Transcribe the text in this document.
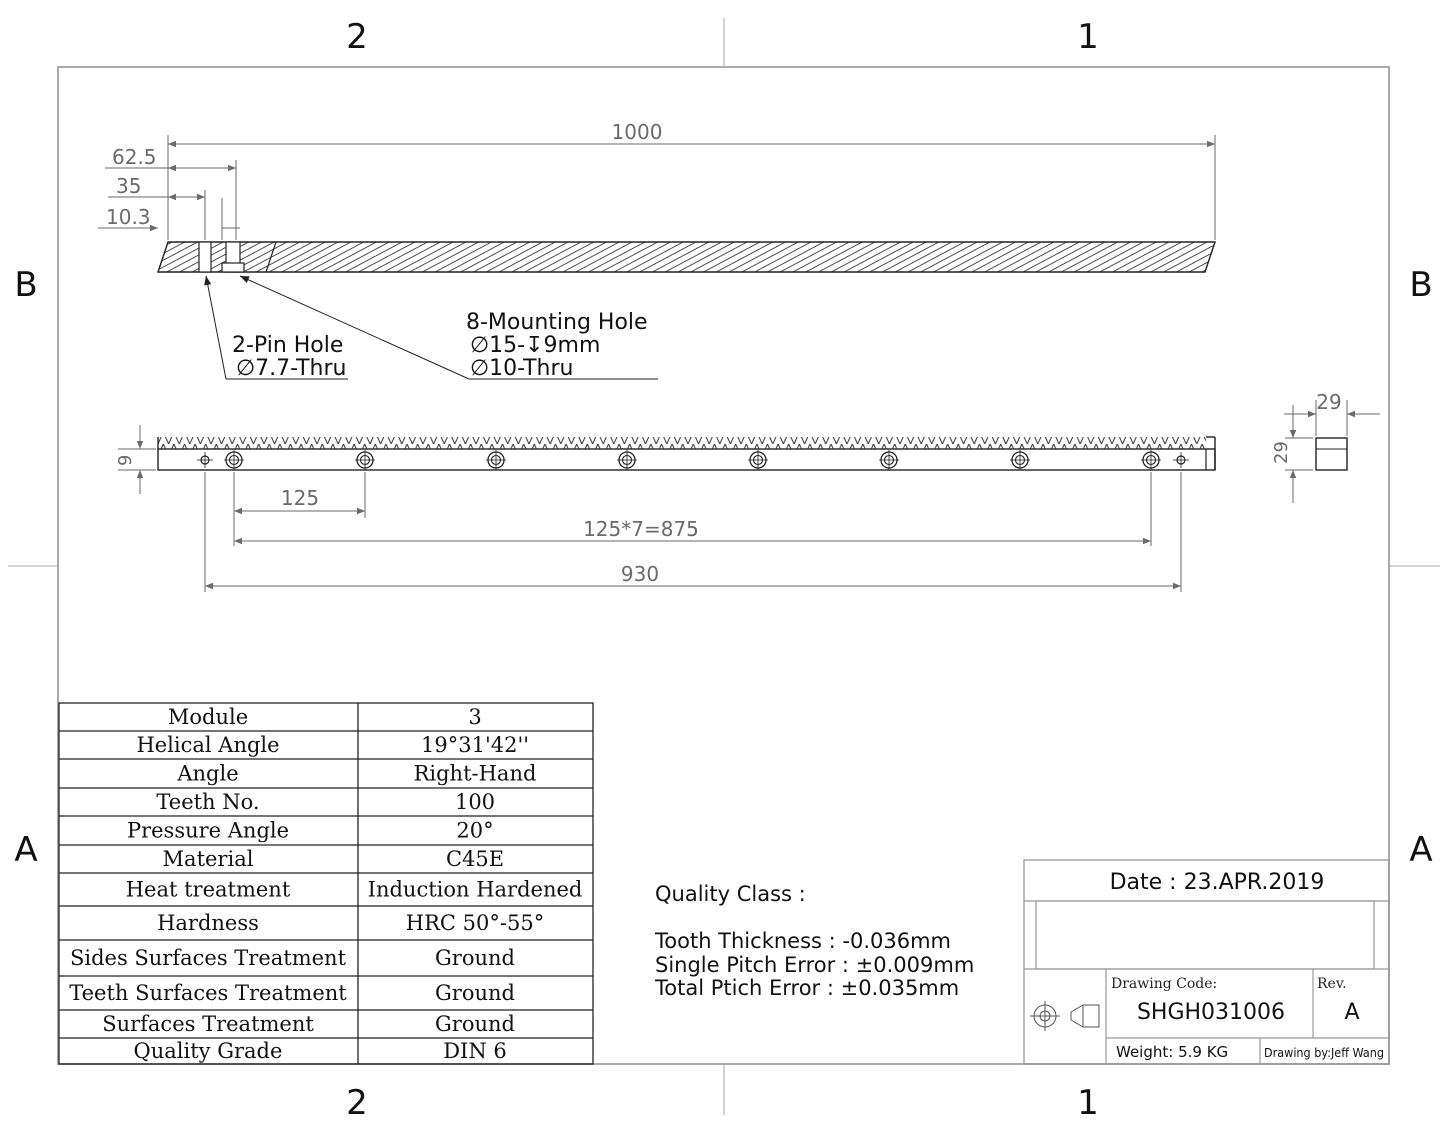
2	1
2	1
B
A
B
A
1000
62.5
35
10.3
2-Pin Hole
∅7.7-Thru
8-Mounting Hole
∅15-↧9mm
∅10-Thru
9
125
125*7=875
930
29
29
Module	3
Helical Angle	19°31'42''
Angle	Right-Hand
Teeth No.	100
Pressure Angle	20°
Material	C45E
Heat treatment	Induction Hardened
Hardness	HRC 50°-55°
Sides Surfaces Treatment	Ground
Teeth Surfaces Treatment	Ground
Surfaces Treatment	Ground
Quality Grade	DIN 6
Quality Class :
Tooth Thickness : -0.036mm
Single Pitch Error : ±0.009mm
Total Ptich Error : ±0.035mm
Date : 23.APR.2019
Drawing Code:
SHGH031006
Rev.
A
Weight: 5.9 KG	Drawing by:Jeff Wang
